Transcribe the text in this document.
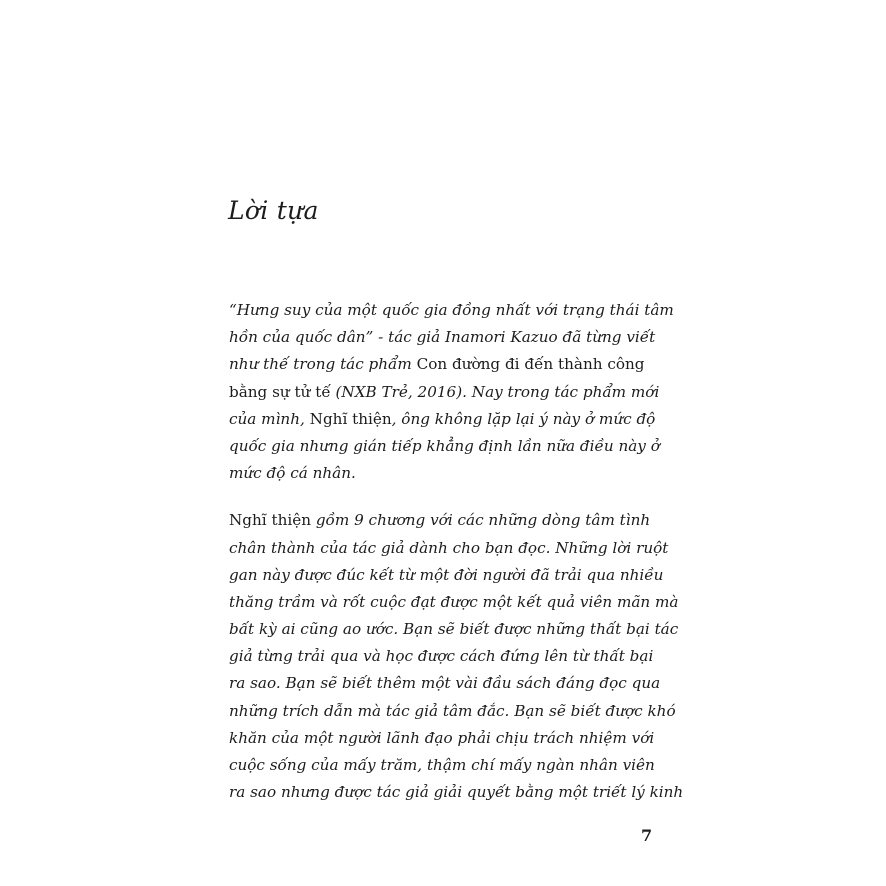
Lời tựa
“Hưng suy của một quốc gia đồng nhất với trạng thái tâm
hồn của quốc dân” - tác giả Inamori Kazuo đã từng viết
như thế trong tác phẩm Con đường đi đến thành công
bằng sự tử tế (NXB Trẻ, 2016). Nay trong tác phẩm mới
của mình, Nghĩ thiện, ông không lặp lại ý này ở mức độ
quốc gia nhưng gián tiếp khẳng định lần nữa điều này ở
mức độ cá nhân.
Nghĩ thiện gồm 9 chương với các những dòng tâm tình
chân thành của tác giả dành cho bạn đọc. Những lời ruột
gan này được đúc kết từ một đời người đã trải qua nhiều
thăng trầm và rốt cuộc đạt được một kết quả viên mãn mà
bất kỳ ai cũng ao ước. Bạn sẽ biết được những thất bại tác
giả từng trải qua và học được cách đứng lên từ thất bại
ra sao. Bạn sẽ biết thêm một vài đầu sách đáng đọc qua
những trích dẫn mà tác giả tâm đắc. Bạn sẽ biết được khó
khăn của một người lãnh đạo phải chịu trách nhiệm với
cuộc sống của mấy trăm, thậm chí mấy ngàn nhân viên
ra sao nhưng được tác giả giải quyết bằng một triết lý kinh
7
